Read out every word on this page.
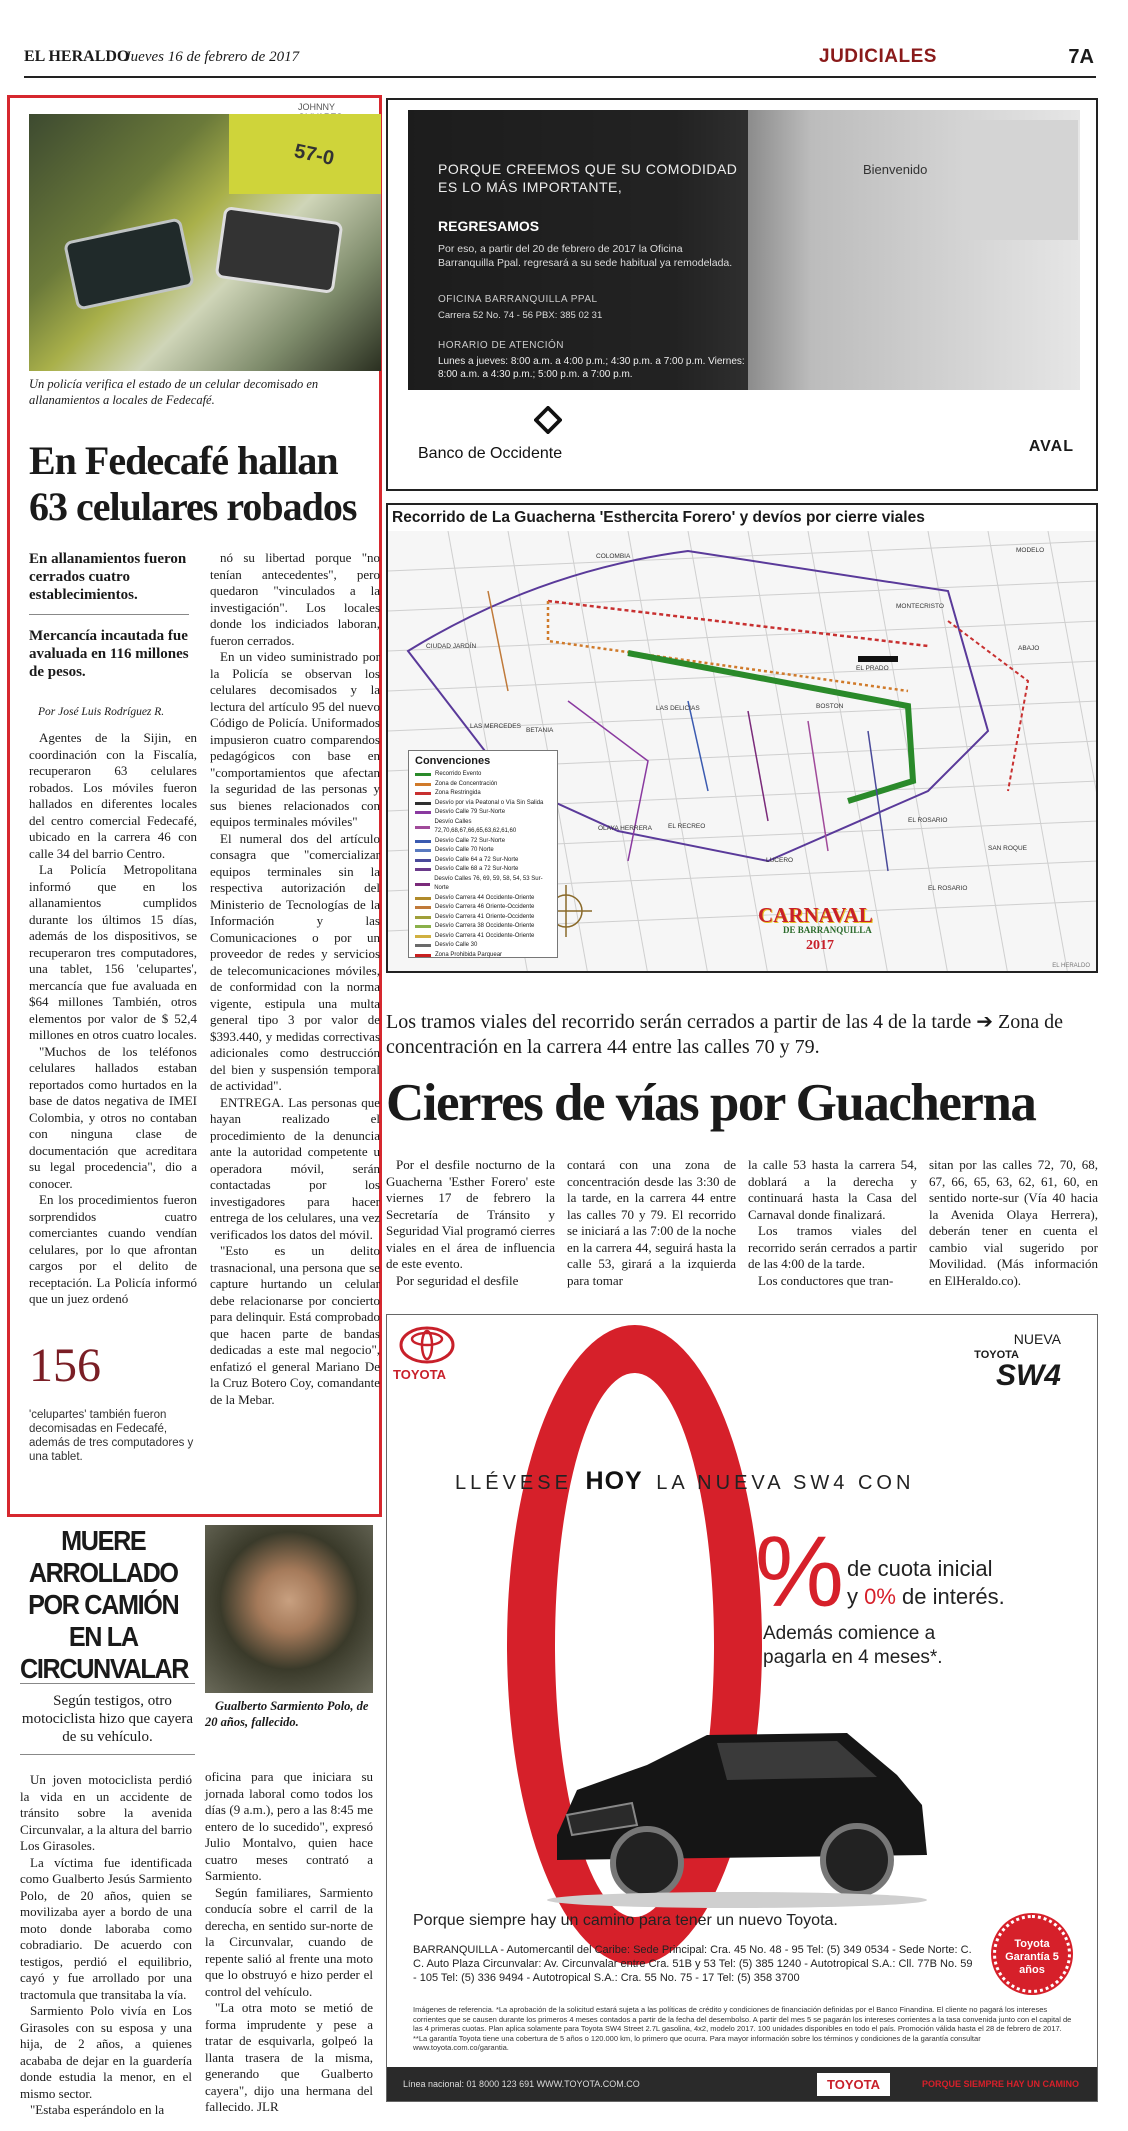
EL HERALDO
Jueves 16 de febrero de 2017	JUDICIALES	7A
JOHNNY
57-0

Un policía verifica el estado de un celular decomisado en allanamientos a locales de Fedecafé.

En Fedecafé hallan 63 celulares robados

En allanamientos fueron cerrados cuatro establecimientos.

Mercancía incautada fue avaluada en 116 millones de pesos.

Por José Luis Rodríguez R.

Agentes de la Sijin, en coordinación con la Fiscalía, recuperaron 63 celulares robados. Los móviles fueron hallados en diferentes locales del centro comercial Fedecafé, ubicado en la carrera 46 con calle 34 del barrio Centro.

La Policía Metropolitana informó que en los allanamientos cumplidos durante los últimos 15 días, además de los dispositivos, se recuperaron tres computadores, una tablet, 156 'celupartes', mercancía que fue avaluada en $64 millones También, otros elementos por valor de $ 52,4 millones en otros cuatro locales.

"Muchos de los teléfonos celulares hallados estaban reportados como hurtados en la base de datos negativa de IMEI Colombia, y otros no contaban con ninguna clase de documentación que acreditara su legal procedencia", dio a conocer.

En los procedimientos fueron sorprendidos cuatro comerciantes cuando vendían celulares, por lo que afrontan cargos por el delito de receptación. La Policía informó que un juez ordenó

nó su libertad porque "no tenían antecedentes", pero quedaron "vinculados a la investigación". Los locales donde los indiciados laboran, fueron cerrados.

En un video suministrado por la Policía se observan los celulares decomisados y la lectura del artículo 95 del nuevo Código de Policía. Uniformados impusieron cuatro comparendos pedagógicos con base en "comportamientos que afectan la seguridad de las personas y sus bienes relacionados con equipos terminales móviles"

El numeral dos del artículo consagra que "comercializar equipos terminales sin la respectiva autorización del Ministerio de Tecnologías de la Información y las Comunicaciones o por un proveedor de redes y servicios de telecomunicaciones móviles, de conformidad con la norma vigente, estipula una multa general tipo 3 por valor de $393.440, y medidas correctivas adicionales como destrucción del bien y suspensión temporal de actividad".

ENTREGA. Las personas que hayan realizado el procedimiento de la denuncia ante la autoridad competente u operadora móvil, serán contactadas por los investigadores para hacer entrega de los celulares, una vez verificados los datos del móvil.

"Esto es un delito trasnacional, una persona que se capture hurtando un celular debe relacionarse por concierto para delinquir. Está comprobado que hacen parte de bandas dedicadas a este mal negocio", enfatizó el general Mariano De la Cruz Botero Coy, comandante de la Mebar.

156

'celupartes' también fueron decomisadas en Fedecafé, además de tres computadores y una tablet.

PORQUE CREEMOS QUE SU COMODIDAD ES LO MÁS IMPORTANTE,

REGRESAMOS

Por eso, a partir del 20 de febrero de 2017 la Oficina Barranquilla Ppal. regresará a su sede habitual ya remodelada.

OFICINA BARRANQUILLA PPAL

Carrera 52 No. 74 - 56 PBX: 385 02 31

HORARIO DE ATENCIÓN

Lunes a jueves: 8:00 a.m. a 4:00 p.m.; 4:30 p.m. a 7:00 p.m. Viernes: 8:00 a.m. a 4:30 p.m.; 5:00 p.m. a 7:00 p.m.

Bienvenido
Banco de Occidente	AVAL
Recorrido de La Guacherna 'Esthercita Forero' y devíos por cierre viales
COLOMBIA
EL PRADO
MODELO
MONTECRISTO
ABAJO
CIUDAD JARDÍN
BOSTON
LAS MERCEDES
BETANIA
LAS DELICIAS
OLAYA HERRERA EL RECREO
EL ROSARIO
SAN ROQUE
LUCERO
EL ROSARIO
Convenciones
Recorrido Evento
Zona de Concentración
Zona Restringida
Desvío por vía Peatonal o Vía Sin Salida
Desvío Calle 79 Sur-Norte
Desvío Calles 72,70,68,67,66,65,63,62,61,60
Desvío Calle 72 Sur-Norte
Desvío Calle 70 Norte
Desvío Calle 64 a 72 Sur-Norte
Desvío Calle 68 a 72 Sur-Norte
Desvío Calles 76, 69, 59, 58, 54, 53 Sur-Norte
Desvío Carrera 44 Occidente-Oriente
Desvío Carrera 46 Oriente-Occidente
Desvío Carrera 41 Oriente-Occidente
Desvío Carrera 38 Occidente-Oriente
Desvío Carrera 41 Occidente-Oriente
Desvío Calle 30
Zona Prohibida Parquear
CARNAVAL
DE BARRANQUILLA
2017
EL HERALDO

Los tramos viales del recorrido serán cerrados a partir de las 4 de la tarde ➔ Zona de concentración en la carrera 44 entre las calles 70 y 79.

Cierres de vías por Guacherna

Por el desfile nocturno de la Guacherna 'Esther Forero' este viernes 17 de febrero la Secretaría de Tránsito y Seguridad Vial programó cierres viales en el área de influencia de este evento.

Por seguridad el desfile

contará con una zona de concentración desde las 3:30 de la tarde, en la carrera 44 entre las calles 70 y 79. El recorrido se iniciará a las 7:00 de la noche en la carrera 44, seguirá hasta la calle 53, girará a la izquierda para tomar

la calle 53 hasta la carrera 54, doblará a la derecha y continuará hasta la Casa del Carnaval donde finalizará.

Los tramos viales del recorrido serán cerrados a partir de las 4:00 de la tarde.

Los conductores que tran-

sitan por las calles 72, 70, 68, 67, 66, 65, 63, 62, 61, 60, en sentido norte-sur (Vía 40 hacia la Avenida Olaya Herrera), deberán tener en cuenta el cambio vial sugerido por Movilidad. (Más información en ElHeraldo.co).

TOYOTA
NUEVA
TOYOTA
SW4
LLÉVESE HOY LA NUEVA SW4 CON
% de cuota inicial
y 0% de interés.

Además comience a pagarla en 4 meses*.

Porque siempre hay un camino para tener un nuevo Toyota.

Toyota Garantía 5 años

BARRANQUILLA - Automercantil del Caribe: Sede Principal: Cra. 45 No. 48 - 95 Tel: (5) 349 0534 - Sede Norte: C. C. Auto Plaza Circunvalar: Av. Circunvalar entre Cra. 51B y 53 Tel: (5) 385 1240 - Autotropical S.A.: Cll. 77B No. 59 - 105 Tel: (5) 336 9494 - Autotropical S.A.: Cra. 55 No. 75 - 17 Tel: (5) 358 3700

Imágenes de referencia. *La aprobación de la solicitud estará sujeta a las políticas de crédito y condiciones de financiación definidas por el Banco Finandina. El cliente no pagará los intereses corrientes que se causen durante los primeros 4 meses contados a partir de la fecha del desembolso. A partir del mes 5 se pagarán los intereses corrientes a la tasa convenida junto con el capital de las 4 primeras cuotas. Plan aplica solamente para Toyota SW4 Street 2.7L gasolina, 4x2, modelo 2017. 100 unidades disponibles en todo el país. Promoción válida hasta el 28 de febrero de 2017. **La garantía Toyota tiene una cobertura de 5 años o 120.000 km, lo primero que ocurra. Para mayor información sobre los términos y condiciones de la garantía consultar www.toyota.com.co/garantia.

Línea nacional: 01 8000 123 691 WWW.TOYOTA.COM.CO	TOYOTA	PORQUE SIEMPRE HAY UN CAMINO
MUERE ARROLLADO POR CAMIÓN EN LA CIRCUNVALAR

Según testigos, otro motociclista hizo que cayera de su vehículo.

Gualberto Sarmiento Polo, de 20 años, fallecido.

Un joven motociclista perdió la vida en un accidente de tránsito sobre la avenida Circunvalar, a la altura del barrio Los Girasoles.

La víctima fue identificada como Gualberto Jesús Sarmiento Polo, de 20 años, quien se movilizaba ayer a bordo de una moto donde laboraba como cobradiario. De acuerdo con testigos, perdió el equilibrio, cayó y fue arrollado por una tractomula que transitaba la vía.

Sarmiento Polo vivía en Los Girasoles con su esposa y una hija, de 2 años, a quienes acababa de dejar en la guardería donde estudia la menor, en el mismo sector.

"Estaba esperándolo en la

oficina para que iniciara su jornada laboral como todos los días (9 a.m.), pero a las 8:45 me entero de lo sucedido", expresó Julio Montalvo, quien hace cuatro meses contrató a Sarmiento.

Según familiares, Sarmiento conducía sobre el carril de la derecha, en sentido sur-norte de la Circunvalar, cuando de repente salió al frente una moto que lo obstruyó e hizo perder el control del vehículo.

"La otra moto se metió de forma imprudente y pese a tratar de esquivarla, golpeó la llanta trasera de la misma, generando que Gualberto cayera", dijo una hermana del fallecido. JLR
